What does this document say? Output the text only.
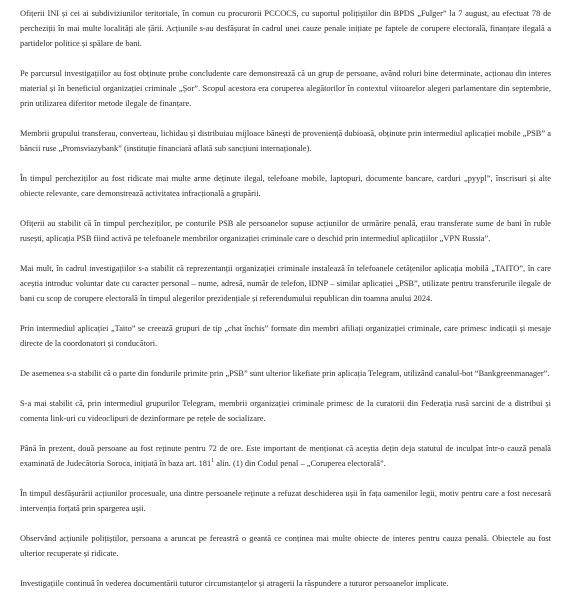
Ofițerii INI și cei ai subdiviziunilor teritoriale, în comun cu procurorii PCCOCS, cu suportul polițiștilor din BPDS „Fulger” la 7 august, au efectuat 78 de percheziții în mai multe localități ale țării. Acțiunile s-au desfășurat în cadrul unei cauze penale inițiate pe faptele de corupere electorală, finanțare ilegală a partidelor politice și spălare de bani.

Pe parcursul investigațiilor au fost obținute probe concludente care demonstrează că un grup de persoane, având roluri bine determinate, acționau din interes material și în beneficiul organizației criminale „Șor”. Scopul acestora era coruperea alegătorilor în contextul viitoarelor alegeri parlamentare din septembrie, prin utilizarea diferitor metode ilegale de finanțare.

Membrii grupului transferau, converteau, lichidau și distribuiau mijloace bănești de proveniență dubioasă, obținute prin intermediul aplicației mobile „PSB” a băncii ruse „Promsviazybank” (instituție financiară aflată sub sancțiuni internaționale).

În timpul percheziților au fost ridicate mai multe arme deținute ilegal, telefoane mobile, laptopuri, documente bancare, carduri „pyypl”, înscrisuri și alte obiecte relevante, care demonstrează activitatea infracțională a grupării.

Ofițerii au stabilit că în timpul percheziților, pe conturile PSB ale persoanelor supuse acțiunilor de urmărire penală, erau transferate sume de bani în ruble rusești, aplicația PSB fiind activă pe telefoanele membrilor organizației criminale care o deschid prin intermediul aplicațiilor „VPN Russia”.

Mai mult, în cadrul investigațiilor s-a stabilit că reprezentanții organizației criminale instalează în telefoanele cetățenilor aplicația mobilă „TAITO”, în care aceștia introduc voluntar date cu caracter personal – nume, adresă, număr de telefon, IDNP – similar aplicației „PSB”, utilizate pentru transferurile ilegale de bani cu scop de corupere electorală în timpul alegerilor prezidențiale și referendumului republican din toamna anului 2024.

Prin intermediul aplicației „Taito” se creează grupuri de tip „chat închis” formate din membri afiliați organizației criminale, care primesc indicații și mesaje directe de la coordonatori și conducători.

De asemenea s-a stabilit că o parte din fondurile primite prin „PSB” sunt ulterior likefiate prin aplicația Telegram, utilizând canalul-bot “Bankgreenmanager”.

S-a mai stabilit că, prin intermediul grupurilor Telegram, membrii organizației criminale primesc de la curatorii din Federația rusă sarcini de a distribui și comenta link-uri cu videoclipuri de dezinformare pe rețele de socializare.

Până în prezent, două persoane au fost reținute pentru 72 de ore. Este important de menționat că aceștia dețin deja statutul de inculpat într-o cauză penală examinată de Judecătoria Soroca, inițiată în baza art. $181^1$ alin. (1) din Codul penal – „Coruperea electorală”.

În timpul desfășurării acțiunilor procesuale, una dintre persoanele reținute a refuzat deschiderea ușii în fața oamenilor legii, motiv pentru care a fost necesară intervenția forțată prin spargerea ușii.

Observând acțiunile polițiștilor, persoana a aruncat pe fereastră o geantă ce conținea mai multe obiecte de interes pentru cauza penală. Obiectele au fost ulterior recuperate și ridicate.

Investigațiile continuă în vederea documentării tuturor circumstanțelor și atragerii la răspundere a tuturor persoanelor implicate.
